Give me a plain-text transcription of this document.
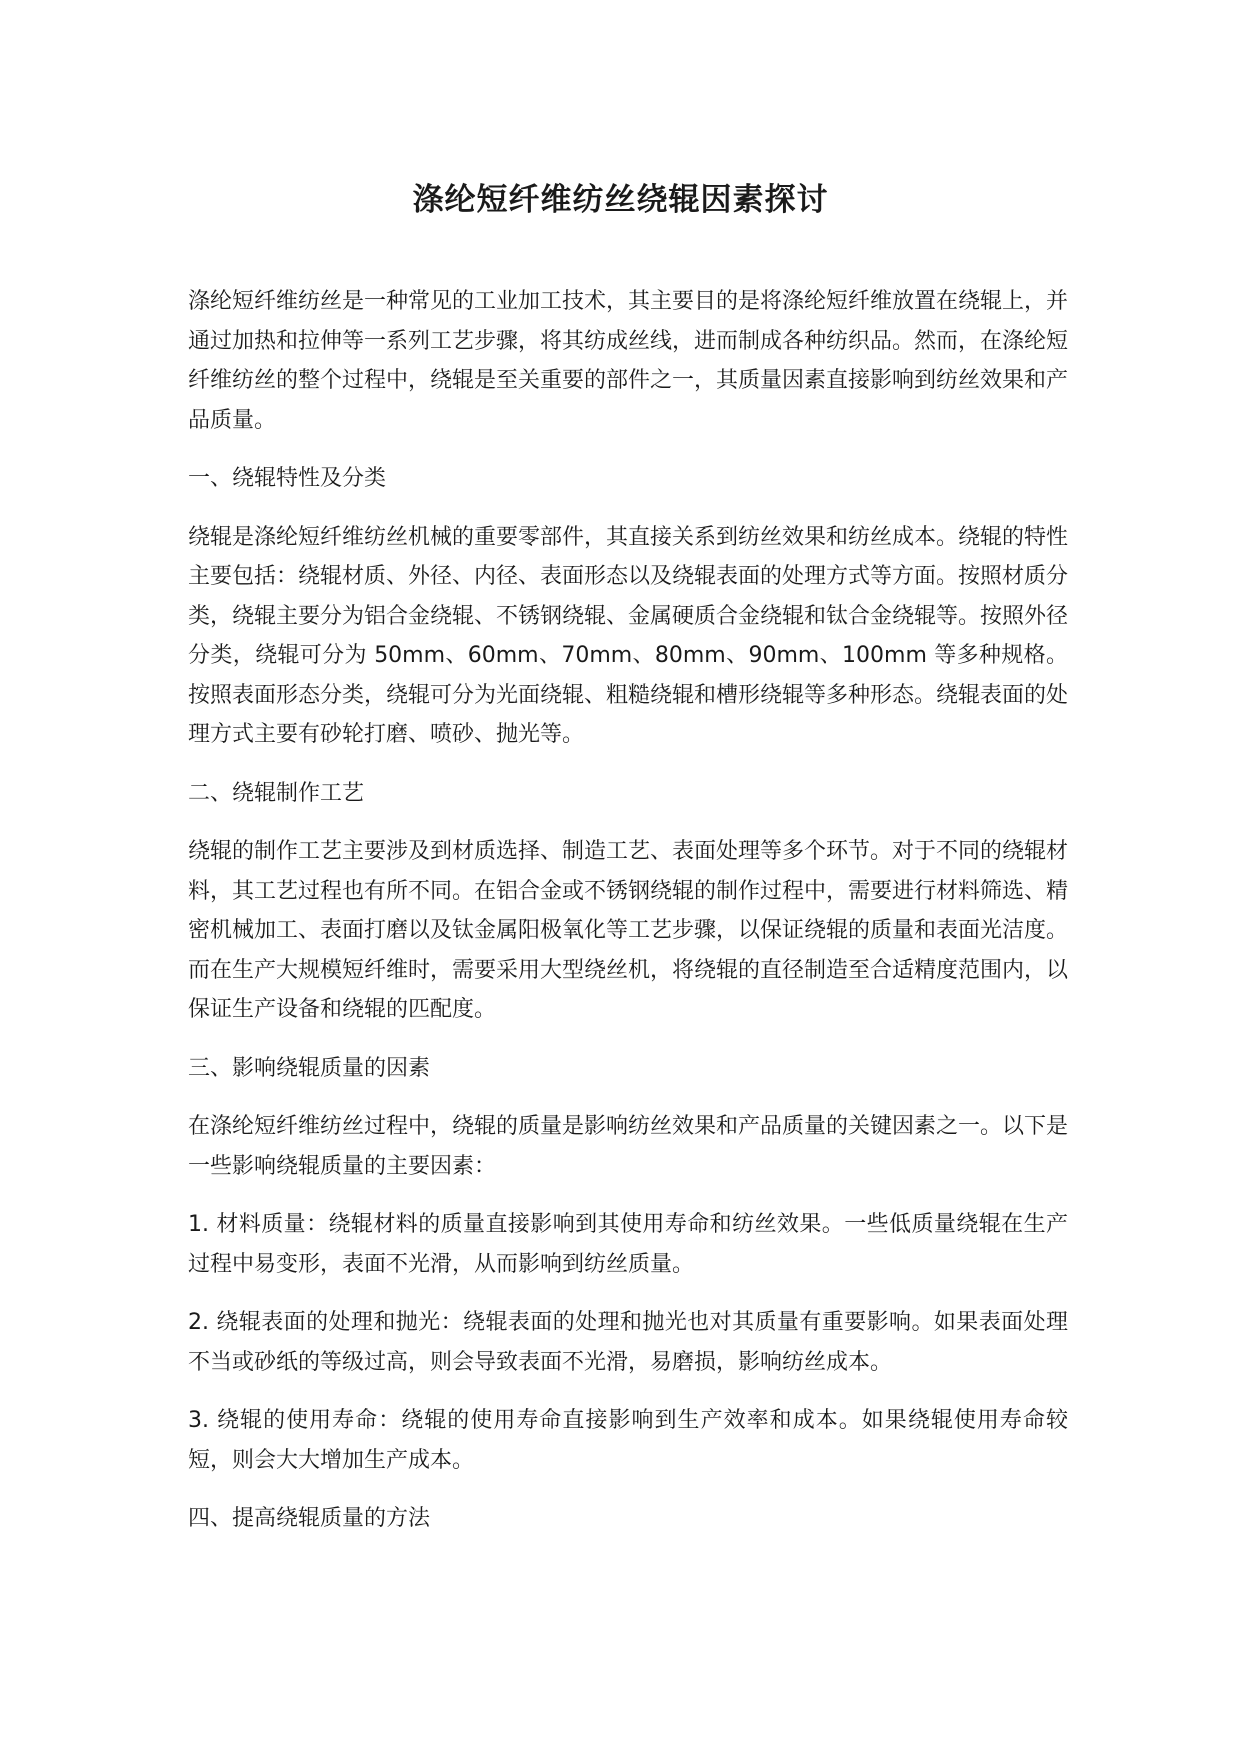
涤纶短纤维纺丝绕辊因素探讨

涤纶短纤维纺丝是一种常见的工业加工技术，其主要目的是将涤纶短纤维放置在绕辊上，并通过加热和拉伸等一系列工艺步骤，将其纺成丝线，进而制成各种纺织品。然而，在涤纶短纤维纺丝的整个过程中，绕辊是至关重要的部件之一，其质量因素直接影响到纺丝效果和产品质量。

一、绕辊特性及分类

绕辊是涤纶短纤维纺丝机械的重要零部件，其直接关系到纺丝效果和纺丝成本。绕辊的特性主要包括：绕辊材质、外径、内径、表面形态以及绕辊表面的处理方式等方面。按照材质分类，绕辊主要分为铝合金绕辊、不锈钢绕辊、金属硬质合金绕辊和钛合金绕辊等。按照外径分类，绕辊可分为 50mm、60mm、70mm、80mm、90mm、100mm 等多种规格。按照表面形态分类，绕辊可分为光面绕辊、粗糙绕辊和槽形绕辊等多种形态。绕辊表面的处理方式主要有砂轮打磨、喷砂、抛光等。

二、绕辊制作工艺

绕辊的制作工艺主要涉及到材质选择、制造工艺、表面处理等多个环节。对于不同的绕辊材料，其工艺过程也有所不同。在铝合金或不锈钢绕辊的制作过程中，需要进行材料筛选、精密机械加工、表面打磨以及钛金属阳极氧化等工艺步骤，以保证绕辊的质量和表面光洁度。而在生产大规模短纤维时，需要采用大型绕丝机，将绕辊的直径制造至合适精度范围内，以保证生产设备和绕辊的匹配度。

三、影响绕辊质量的因素

在涤纶短纤维纺丝过程中，绕辊的质量是影响纺丝效果和产品质量的关键因素之一。以下是一些影响绕辊质量的主要因素：

1. 材料质量：绕辊材料的质量直接影响到其使用寿命和纺丝效果。一些低质量绕辊在生产过程中易变形，表面不光滑，从而影响到纺丝质量。

2. 绕辊表面的处理和抛光：绕辊表面的处理和抛光也对其质量有重要影响。如果表面处理不当或砂纸的等级过高，则会导致表面不光滑，易磨损，影响纺丝成本。

3. 绕辊的使用寿命：绕辊的使用寿命直接影响到生产效率和成本。如果绕辊使用寿命较短，则会大大增加生产成本。

四、提高绕辊质量的方法
